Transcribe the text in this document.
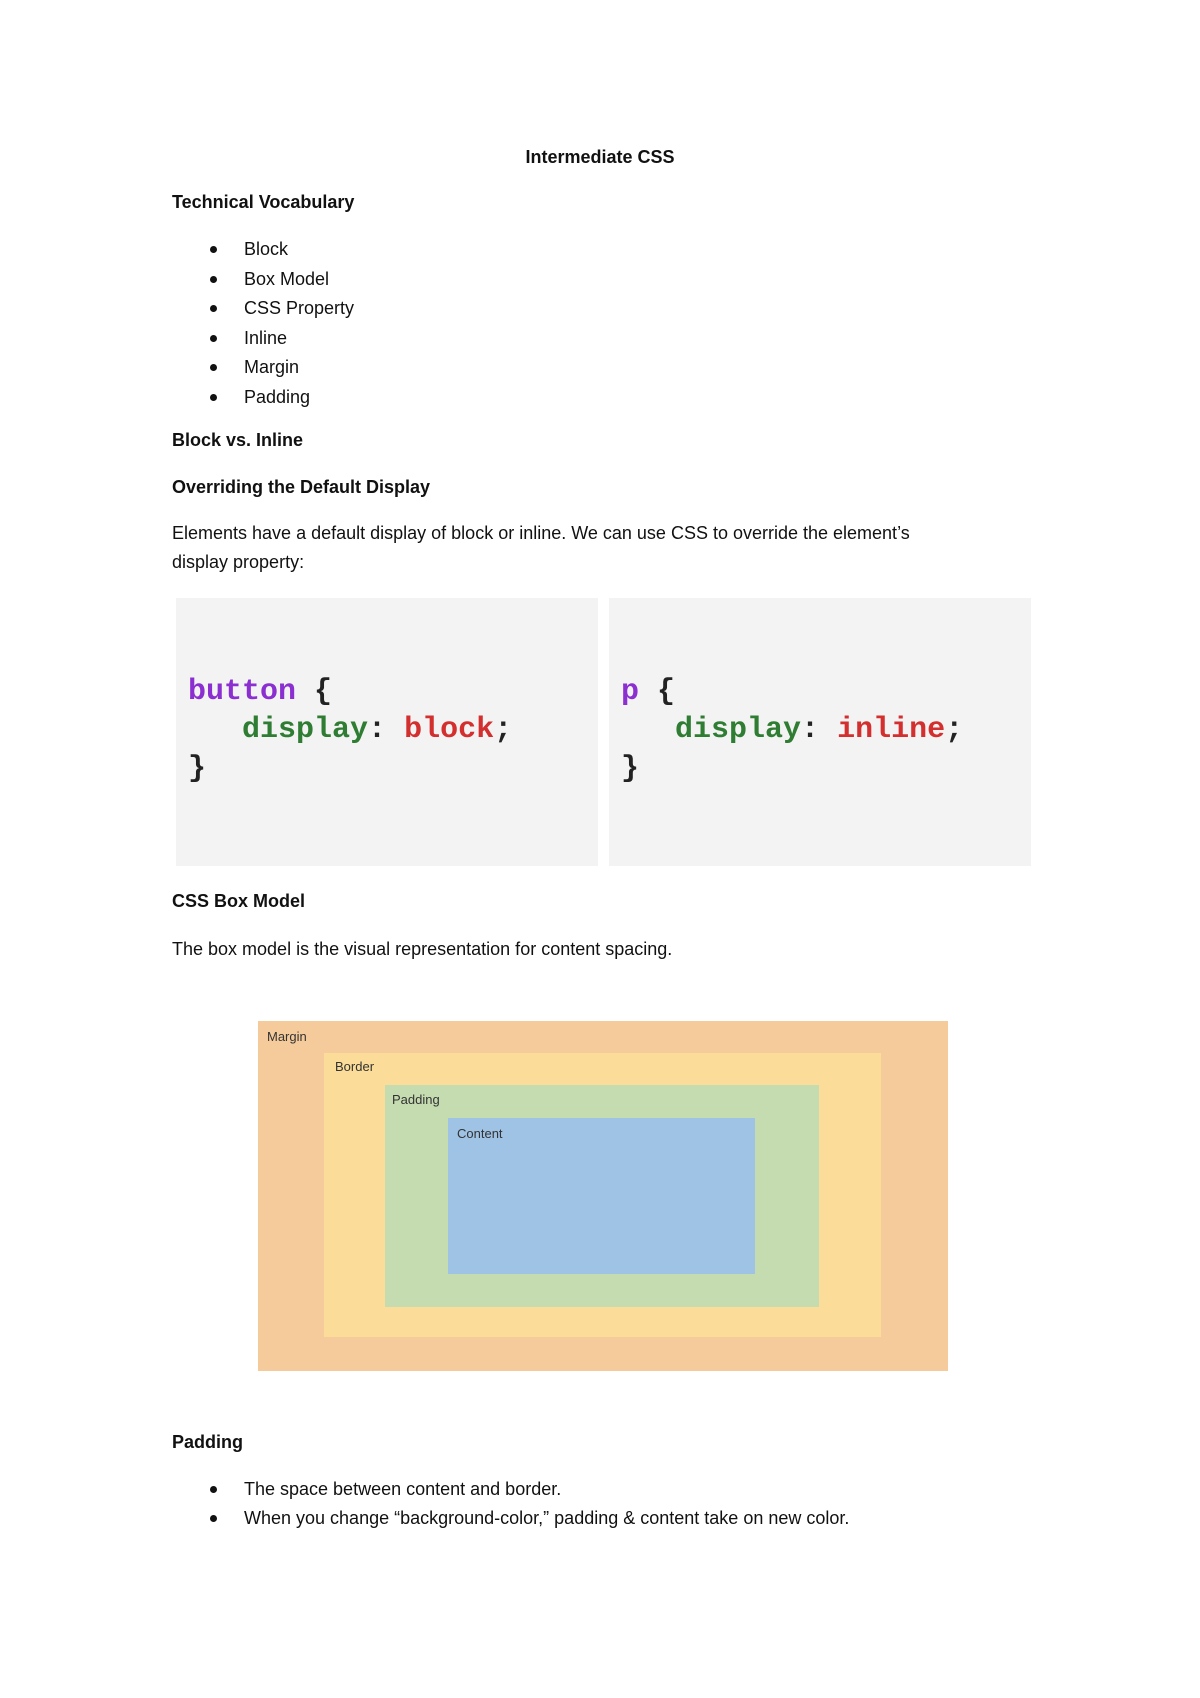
Intermediate CSS
Technical Vocabulary
Block
Box Model
CSS Property
Inline
Margin
Padding
Block vs. Inline
Overriding the Default Display

Elements have a default display of block or inline. We can use CSS to override the element’s
display property:

button {
display: block;
}
p {
display: inline;
}
CSS Box Model

The box model is the visual representation for content spacing.

Margin
Border
Padding
Content
Padding
The space between content and border.
When you change “background-color,” padding & content take on new color.
